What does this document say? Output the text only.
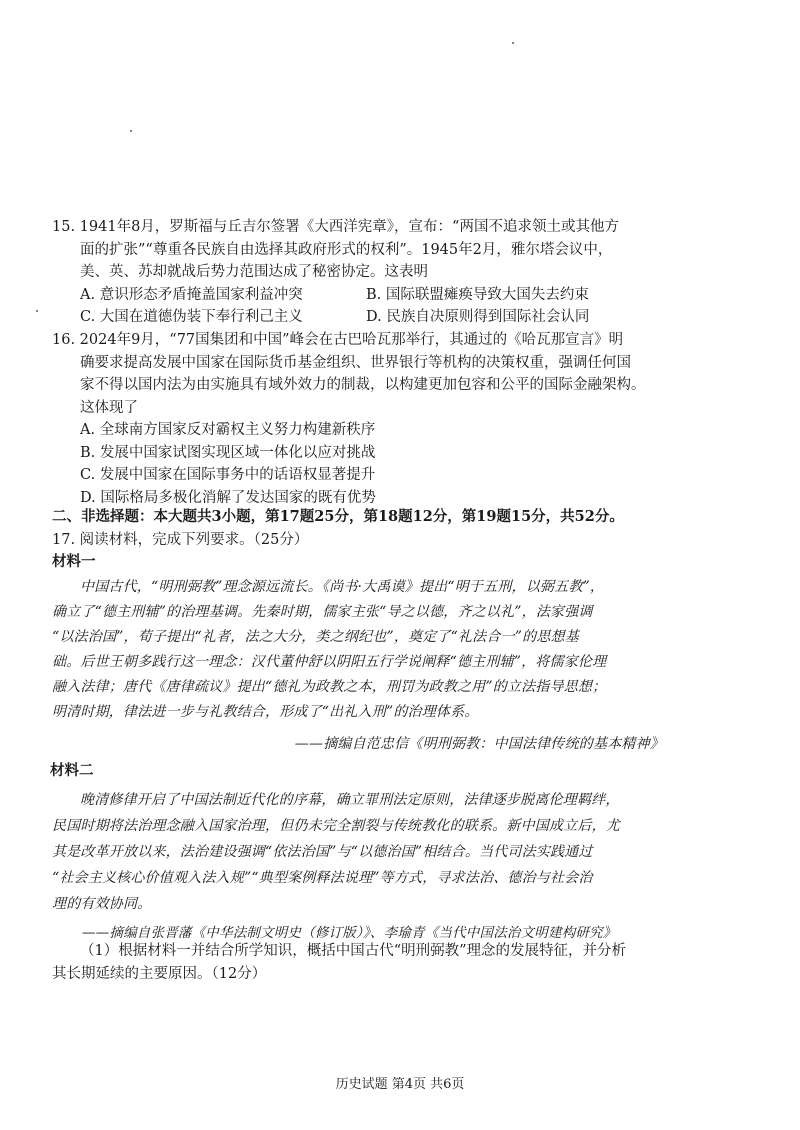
15. 1941年8月，罗斯福与丘吉尔签署《大西洋宪章》，宣布：“两国不追求领土或其他方
面的扩张”“尊重各民族自由选择其政府形式的权利”。1945年2月，雅尔塔会议中，
美、英、苏却就战后势力范围达成了秘密协定。这表明
A. 意识形态矛盾掩盖国家利益冲突	B. 国际联盟瘫痪导致大国失去约束
C. 大国在道德伪装下奉行利己主义	D. 民族自决原则得到国际社会认同
16. 2024年9月，“77国集团和中国”峰会在古巴哈瓦那举行，其通过的《哈瓦那宣言》明
确要求提高发展中国家在国际货币基金组织、世界银行等机构的决策权重，强调任何国
家不得以国内法为由实施具有域外效力的制裁，以构建更加包容和公平的国际金融架构。
这体现了
A. 全球南方国家反对霸权主义努力构建新秩序
B. 发展中国家试图实现区域一体化以应对挑战
C. 发展中国家在国际事务中的话语权显著提升
D. 国际格局多极化消解了发达国家的既有优势
二、非选择题：本大题共3小题，第17题25分，第18题12分，第19题15分，共52分。
17. 阅读材料，完成下列要求。（25分）
材料一
中国古代，“明刑弼教”理念源远流长。《尚书·大禹谟》提出“明于五刑，以弼五教”，
确立了“德主刑辅”的治理基调。先秦时期，儒家主张“导之以德，齐之以礼”，法家强调
“以法治国”，荀子提出“礼者，法之大分，类之纲纪也”，奠定了“礼法合一”的思想基
础。后世王朝多践行这一理念：汉代董仲舒以阴阳五行学说阐释“德主刑辅”，将儒家伦理
融入法律；唐代《唐律疏议》提出“德礼为政教之本，刑罚为政教之用”的立法指导思想；
明清时期，律法进一步与礼教结合，形成了“出礼入刑”的治理体系。
——摘编自范忠信《明刑弼教：中国法律传统的基本精神》
材料二
晚清修律开启了中国法制近代化的序幕，确立罪刑法定原则，法律逐步脱离伦理羁绊，
民国时期将法治理念融入国家治理，但仍未完全割裂与传统教化的联系。新中国成立后，尤
其是改革开放以来，法治建设强调“依法治国”与“以德治国”相结合。当代司法实践通过
“社会主义核心价值观入法入规”“典型案例释法说理”等方式，寻求法治、德治与社会治
理的有效协同。
——摘编自张晋藩《中华法制文明史（修订版）》、李瑜青《当代中国法治文明建构研究》
（1）根据材料一并结合所学知识，概括中国古代“明刑弼教”理念的发展特征，并分析
其长期延续的主要原因。（12分）
历史试题 第4页 共6页
